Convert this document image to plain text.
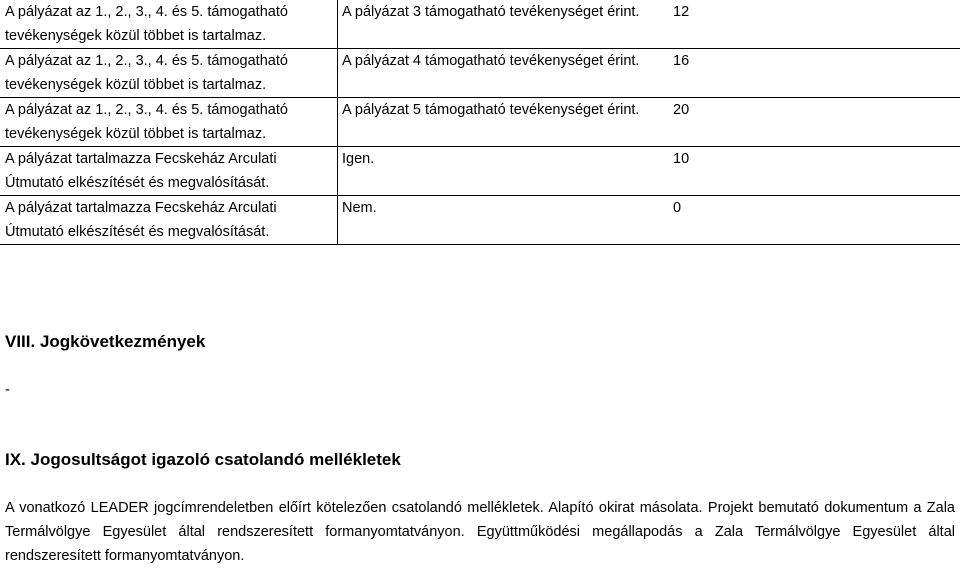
A pályázat az 1., 2., 3., 4. és 5. támogatható tevékenységek közül többet is tartalmaz.	A pályázat 3 támogatható tevékenységet érint.	12
A pályázat az 1., 2., 3., 4. és 5. támogatható tevékenységek közül többet is tartalmaz.	A pályázat 4 támogatható tevékenységet érint.	16
A pályázat az 1., 2., 3., 4. és 5. támogatható tevékenységek közül többet is tartalmaz.	A pályázat 5 támogatható tevékenységet érint.	20
A pályázat tartalmazza Fecskeház Arculati Útmutató elkészítését és megvalósítását.	Igen.	10
A pályázat tartalmazza Fecskeház Arculati Útmutató elkészítését és megvalósítását.	Nem.	0
VIII. Jogkövetkezmények
-
IX. Jogosultságot igazoló csatolandó mellékletek
A vonatkozó LEADER jogcímrendeletben előírt kötelezően csatolandó mellékletek. Alapító okirat másolata. Projekt bemutató dokumentum a Zala Termálvölgye Egyesület által rendszeresített formanyomtatványon. Együttműködési megállapodás a Zala Termálvölgye Egyesület által rendszeresített formanyomtatványon.
